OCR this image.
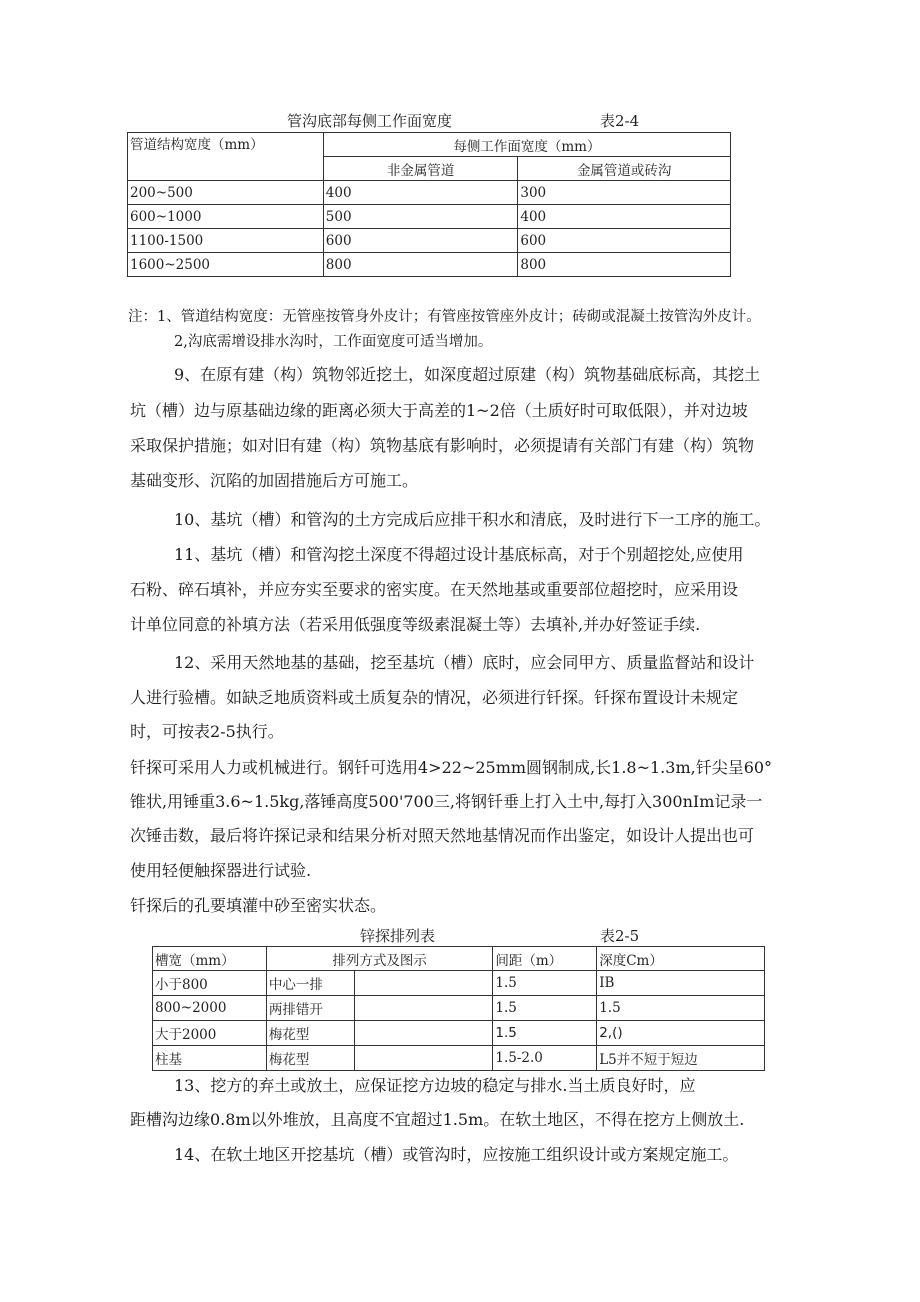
管沟底部每侧工作面宽度	表2-4
管道结构宽度（mm）	每侧工作面宽度（mm）	
	非金属管道	金属管道或砖沟
200~500	400	300
600~1000	500	400
1100-1500	600	600
1600~2500	800	800
注：1、管道结构宽度：无管座按管身外皮计；有管座按管座外皮计；砖砌或混凝土按管沟外皮计。
2,沟底需增设排水沟时，工作面宽度可适当增加。
9、在原有建（构）筑物邻近挖土，如深度超过原建（构）筑物基础底标高，其挖土
坑（槽）边与原基础边缘的距离必须大于高差的1~2倍（土质好时可取低限），并对边坡
采取保护措施；如对旧有建（构）筑物基底有影响时，必须提请有关部门有建（构）筑物
基础变形、沉陷的加固措施后方可施工。
10、基坑（槽）和管沟的土方完成后应排干积水和清底，及时进行下一工序的施工。
11、基坑（槽）和管沟挖土深度不得超过设计基底标高，对于个别超挖处,应使用
石粉、碎石填补，并应夯实至要求的密实度。在天然地基或重要部位超挖时，应采用设
计单位同意的补填方法（若采用低强度等级素混凝土等）去填补,并办好签证手续.
12、采用天然地基的基础，挖至基坑（槽）底时，应会同甲方、质量监督站和设计
人进行验槽。如缺乏地质资料或土质复杂的情况，必须进行钎探。钎探布置设计未规定
时，可按表2-5执行。
钎探可采用人力或机械进行。钢钎可选用4>22~25mm圆钢制成,长1.8~1.3m,钎尖呈60°
锥状,用锤重3.6~1.5kg,落锤高度500'700三,将钢钎垂上打入土中,每打入300nIm记录一
次锤击数，最后将许探记录和结果分析对照天然地基情况而作出鉴定，如设计人提出也可
使用轻便触探器进行试验.
钎探后的孔要填灌中砂至密实状态。
锌探排列表	表2-5
槽宽（mm）	排列方式及图示		间距（m）	深度Cm）
小于800	中心一排		1.5	IB
800~2000	两排错开		1.5	1.5
大于2000	梅花型		1.5	2,()
柱基	梅花型		1.5-2.0	L5并不短于短边
13、挖方的弃土或放土，应保证挖方边坡的稳定与排水.当土质良好时，应
距槽沟边缘0.8m以外堆放，且高度不宜超过1.5m。在软土地区，不得在挖方上侧放土.
14、在软土地区开挖基坑（槽）或管沟时，应按施工组织设计或方案规定施工。
